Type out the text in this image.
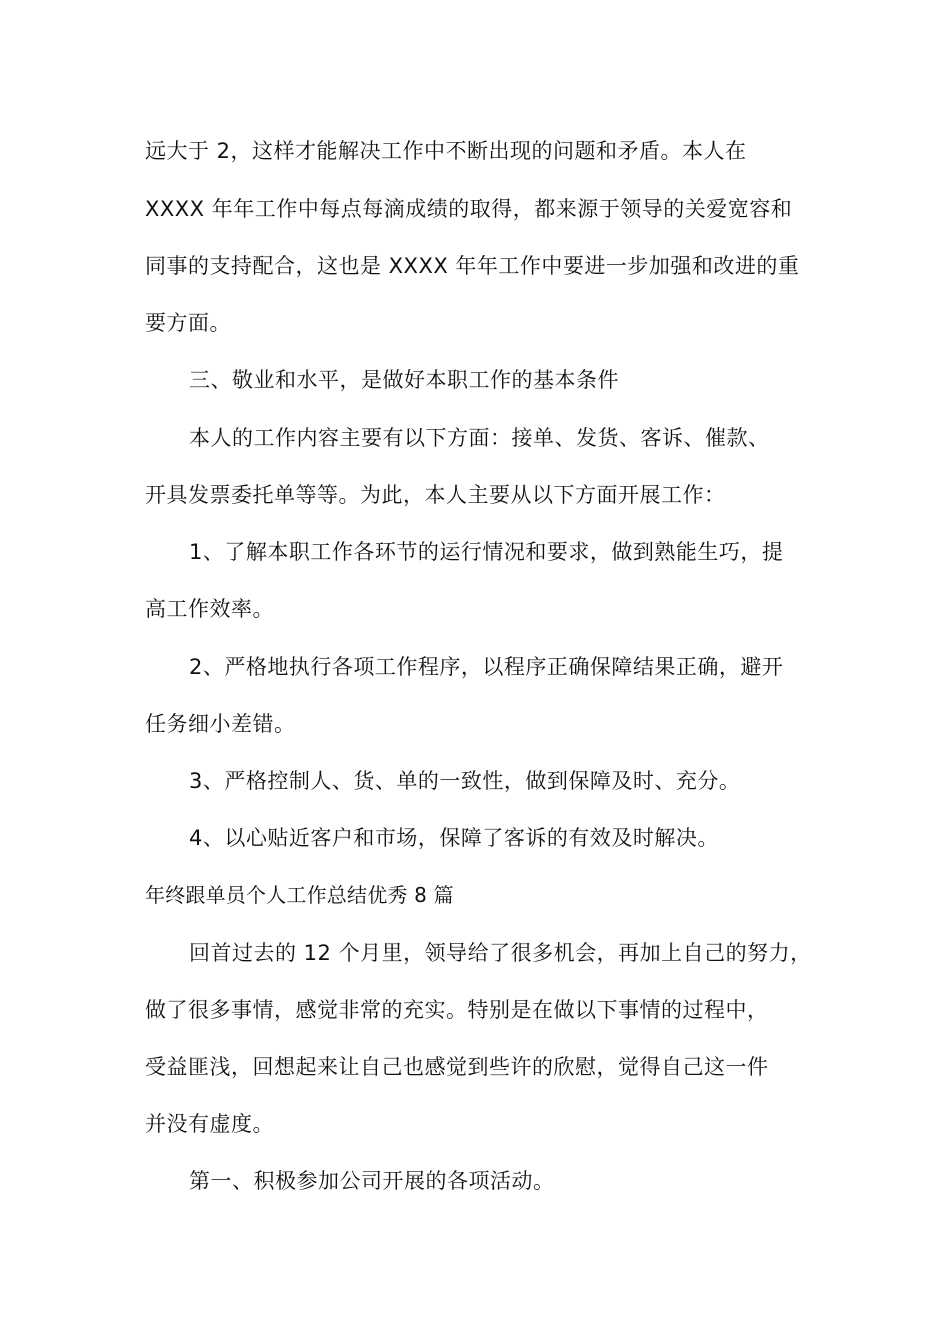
远大于 2，这样才能解决工作中不断出现的问题和矛盾。本人在
XXXX 年年工作中每点每滴成绩的取得，都来源于领导的关爱宽容和
同事的支持配合，这也是 XXXX 年年工作中要进一步加强和改进的重
要方面。
三、敬业和水平，是做好本职工作的基本条件
本人的工作内容主要有以下方面：接单、发货、客诉、催款、
开具发票委托单等等。为此，本人主要从以下方面开展工作：
1、了解本职工作各环节的运行情况和要求，做到熟能生巧，提
高工作效率。
2、严格地执行各项工作程序，以程序正确保障结果正确，避开
任务细小差错。
3、严格控制人、货、单的一致性，做到保障及时、充分。
4、以心贴近客户和市场，保障了客诉的有效及时解决。
年终跟单员个人工作总结优秀 8 篇
回首过去的 12 个月里，领导给了很多机会，再加上自己的努力，
做了很多事情，感觉非常的充实。特别是在做以下事情的过程中，
受益匪浅，回想起来让自己也感觉到些许的欣慰，觉得自己这一件
并没有虚度。
第一、积极参加公司开展的各项活动。
